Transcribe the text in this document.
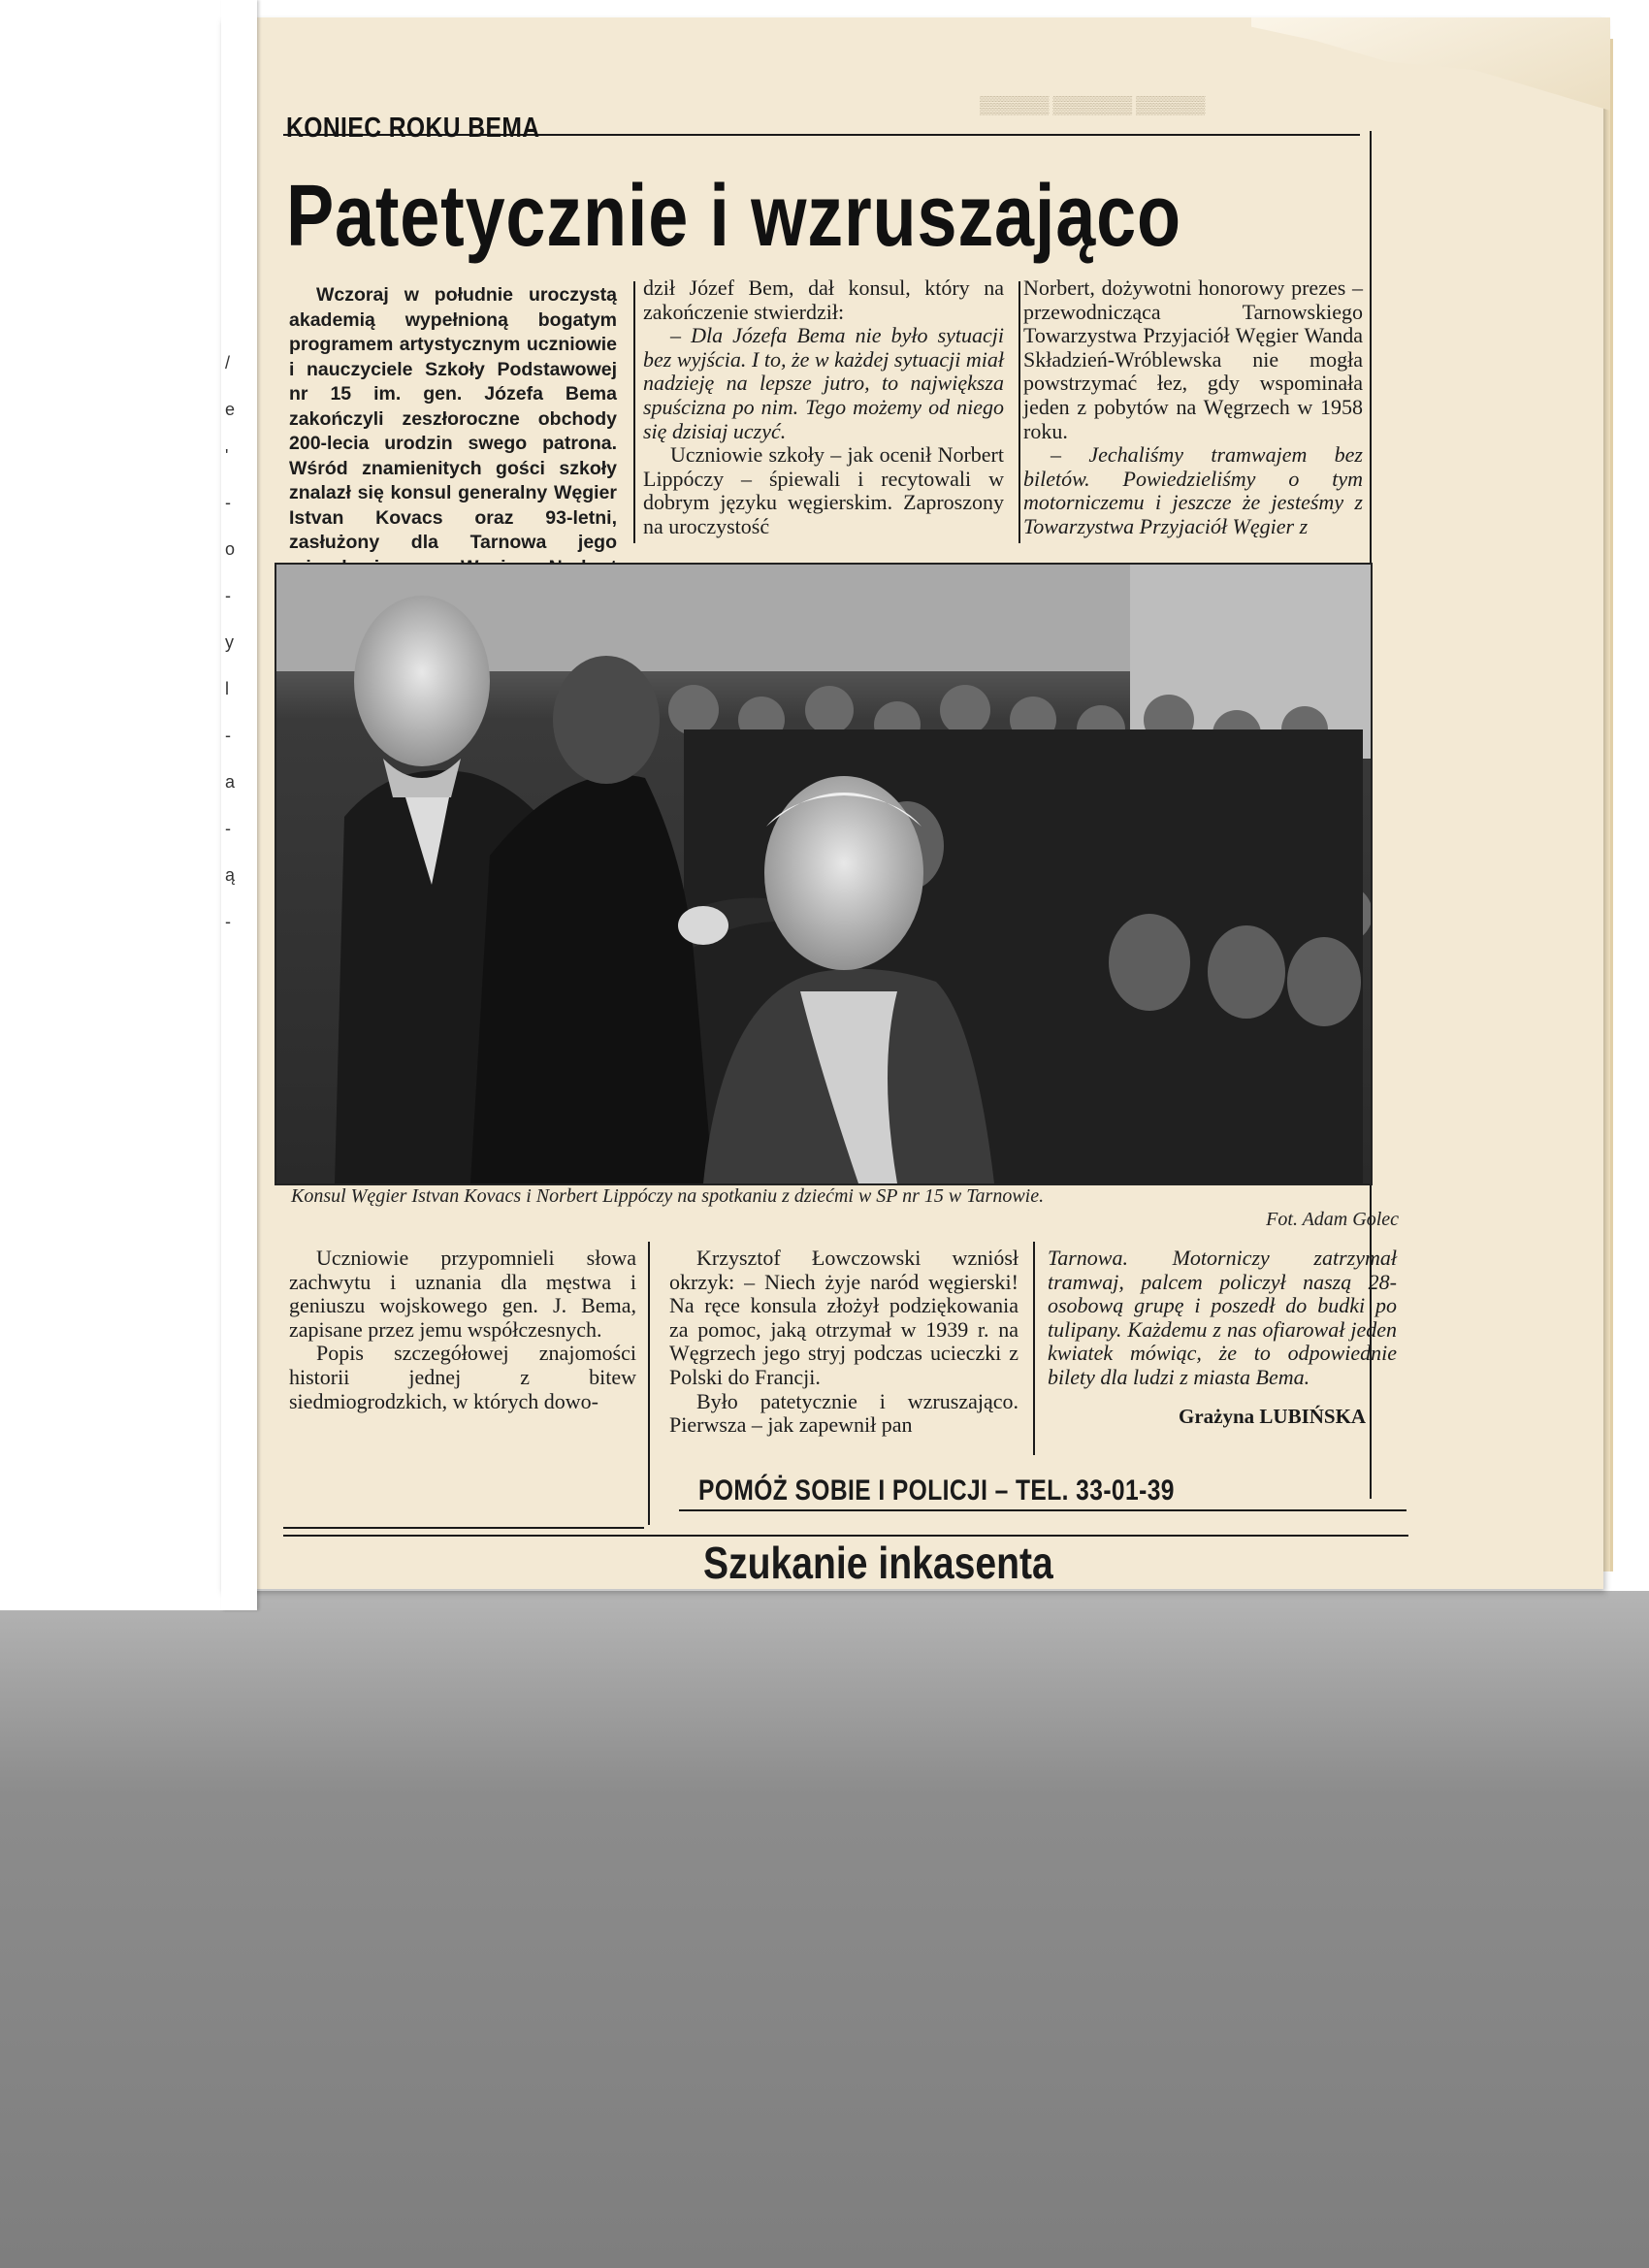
/
e
'
-
o
-
y
l
-
a
-
ą
-
▒▒▒▒▒▒▒ ▒▒▒▒▒▒▒▒ ▒▒▒▒▒▒▒
KONIEC ROKU BEMA
Patetycznie i wzruszająco

Wczoraj w południe uroczystą akademią wypełnioną bogatym programem artystycznym uczniowie i nauczyciele Szkoły Podstawowej nr 15 im. gen. Józefa Bema zakończyli zeszłoroczne obchody 200-lecia urodzin swego patrona. Wśród znamienitych gości szkoły znalazł się konsul generalny Węgier Istvan Kovacs oraz 93-letni, zasłużony dla Tarnowa jego

dził Józef Bem, dał konsul, który na zakończenie stwierdził:

– Dla Józefa Bema nie było sytuacji bez wyjścia. I to, że w każdej sytuacji miał nadzieję na lepsze jutro, to największa spuścizna po nim. Tego możemy od niego się dzisiaj uczyć.

Uczniowie szkoły – jak ocenił Norbert Lippóczy – śpiewali i recytowali w dobrym języku węgierskim. Zaproszony na uroczystość

Norbert, dożywotni honorowy prezes – przewodnicząca Tarnowskiego Towarzystwa Przyjaciół Węgier Wanda Składzień-Wróblewska nie mogła powstrzymać łez, gdy wspominała jeden z pobytów na Węgrzech w 1958 roku.

– Jechaliśmy tramwajem bez biletów. Powiedzieliśmy o tym motorniczemu i jeszcze że jesteśmy z Towarzystwa Przyjaciół Węgier z

Konsul Węgier Istvan Kovacs i Norbert Lippóczy na spotkaniu z dziećmi w SP nr 15 w Tarnowie.

Fot. Adam Golec

Uczniowie przypomnieli słowa zachwytu i uznania dla męstwa i geniuszu wojskowego gen. J. Bema, zapisane przez jemu współczesnych.

Popis szczegółowej znajomości historii jednej z bitew siedmiogrodzkich, w których dowo-

Krzysztof Łowczowski wzniósł okrzyk: – Niech żyje naród węgierski! Na ręce konsula złożył podziękowania za pomoc, jaką otrzymał w 1939 r. na Węgrzech jego stryj podczas ucieczki z Polski do Francji.

Było patetycznie i wzruszająco. Pierwsza – jak zapewnił pan

Tarnowa. Motorniczy zatrzymał tramwaj, palcem policzył naszą 28-osobową grupę i poszedł do budki po tulipany. Każdemu z nas ofiarował jeden kwiatek mówiąc, że to odpowiednie bilety dla ludzi z miasta Bema.

Grażyna LUBIŃSKA

POMÓŻ SOBIE I POLICJI – TEL. 33-01-39

Szukanie inkasenta
